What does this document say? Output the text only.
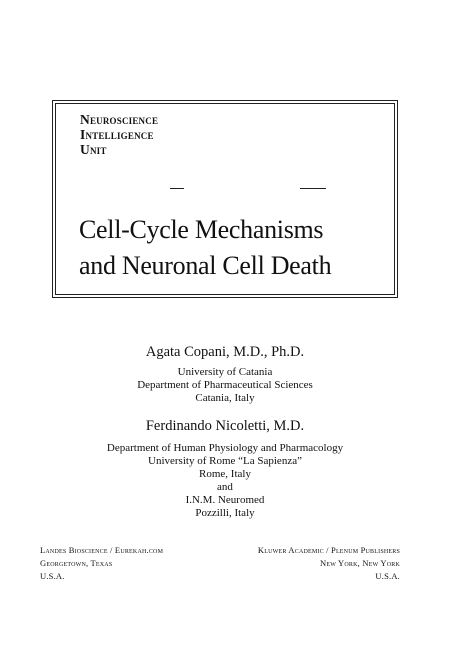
Neuroscience
Intelligence
Unit
Cell-Cycle Mechanisms
and Neuronal Cell Death
Agata Copani, M.D., Ph.D.
University of Catania
Department of Pharmaceutical Sciences
Catania, Italy
Ferdinando Nicoletti, M.D.
Department of Human Physiology and Pharmacology
University of Rome “La Sapienza”
Rome, Italy
and
I.N.M. Neuromed
Pozzilli, Italy
Landes Bioscience / Eurekah.com
Georgetown, Texas
U.S.A.
Kluwer Academic / Plenum Publishers
New York, New York
U.S.A.
